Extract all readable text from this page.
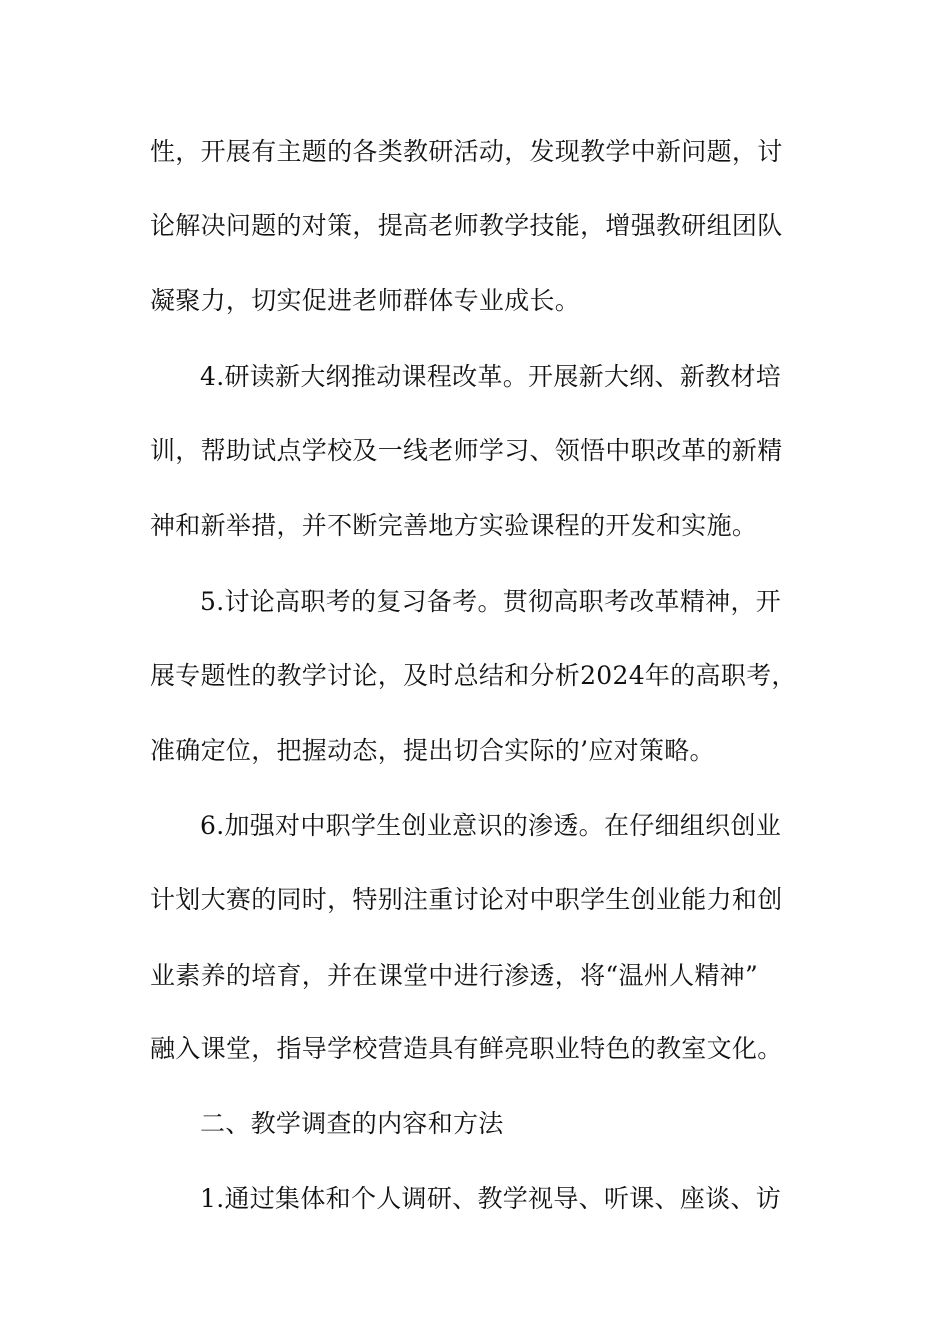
性，开展有主题的各类教研活动，发现教学中新问题，讨
论解决问题的对策，提高老师教学技能，增强教研组团队
凝聚力，切实促进老师群体专业成长。
4.研读新大纲推动课程改革。开展新大纲、新教材培
训，帮助试点学校及一线老师学习、领悟中职改革的新精
神和新举措，并不断完善地方实验课程的开发和实施。
5.讨论高职考的复习备考。贯彻高职考改革精神，开
展专题性的教学讨论，及时总结和分析2024年的高职考，
准确定位，把握动态，提出切合实际的’应对策略。
6.加强对中职学生创业意识的渗透。在仔细组织创业
计划大赛的同时，特别注重讨论对中职学生创业能力和创
业素养的培育，并在课堂中进行渗透，将“温州人精神”
融入课堂，指导学校营造具有鲜亮职业特色的教室文化。
二、教学调查的内容和方法
1.通过集体和个人调研、教学视导、听课、座谈、访
